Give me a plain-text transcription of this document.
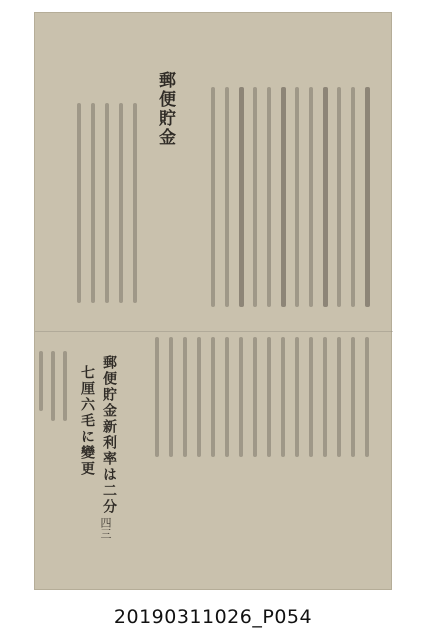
郵便貯金
郵便貯金新利率は二分
七厘六毛に變更
四三
20190311026_P054
